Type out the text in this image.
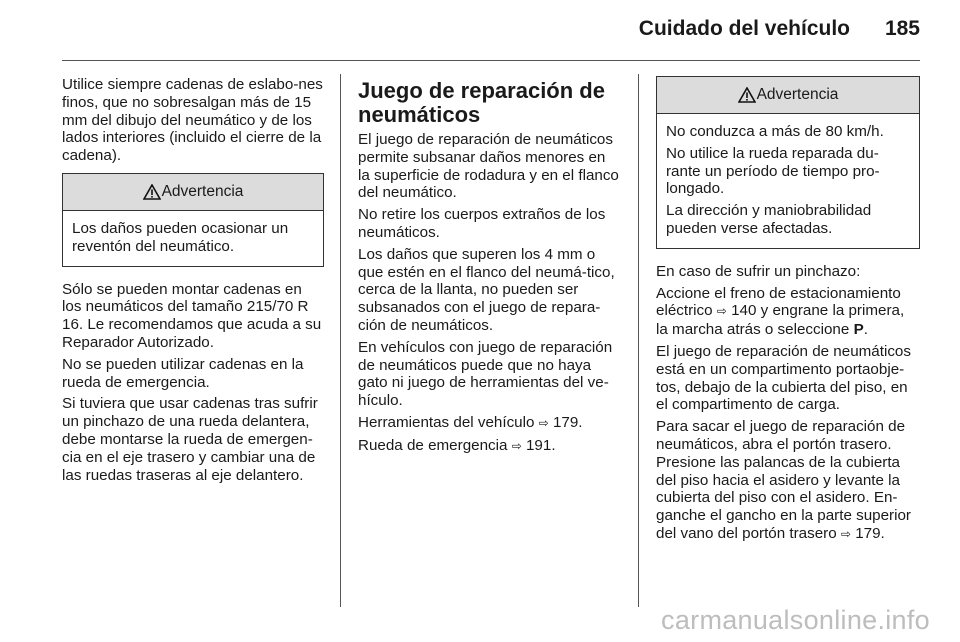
Cuidado del vehículo 185

Utilice siempre cadenas de eslabo-nes finos, que no sobresalgan más de 15 mm del dibujo del neumático y de los lados interiores (incluido el cierre de la cadena).

Advertencia

Los daños pueden ocasionar un reventón del neumático.

Sólo se pueden montar cadenas en los neumáticos del tamaño 215/70 R 16. Le recomendamos que acuda a su Reparador Autorizado.

No se pueden utilizar cadenas en la rueda de emergencia.

Si tuviera que usar cadenas tras sufrir un pinchazo de una rueda delantera, debe montarse la rueda de emergen-cia en el eje trasero y cambiar una de las ruedas traseras al eje delantero.

Juego de reparación de neumáticos

El juego de reparación de neumáticos permite subsanar daños menores en la superficie de rodadura y en el flanco del neumático.

No retire los cuerpos extraños de los neumáticos.

Los daños que superen los 4 mm o que estén en el flanco del neumá-tico, cerca de la llanta, no pueden ser subsanados con el juego de repara-ción de neumáticos.

En vehículos con juego de reparación de neumáticos puede que no haya gato ni juego de herramientas del ve-hículo.

Herramientas del vehículo ⇨ 179.

Rueda de emergencia ⇨ 191.

Advertencia

No conduzca a más de 80 km/h.

No utilice la rueda reparada du-rante un período de tiempo pro-longado.

La dirección y maniobrabilidad pueden verse afectadas.

En caso de sufrir un pinchazo:

Accione el freno de estacionamiento eléctrico ⇨ 140 y engrane la primera, la marcha atrás o seleccione P.

El juego de reparación de neumáticos está en un compartimento portaobje-tos, debajo de la cubierta del piso, en el compartimento de carga.

Para sacar el juego de reparación de neumáticos, abra el portón trasero. Presione las palancas de la cubierta del piso hacia el asidero y levante la cubierta del piso con el asidero. En-ganche el gancho en la parte superior del vano del portón trasero ⇨ 179.

carmanualsonline.info
